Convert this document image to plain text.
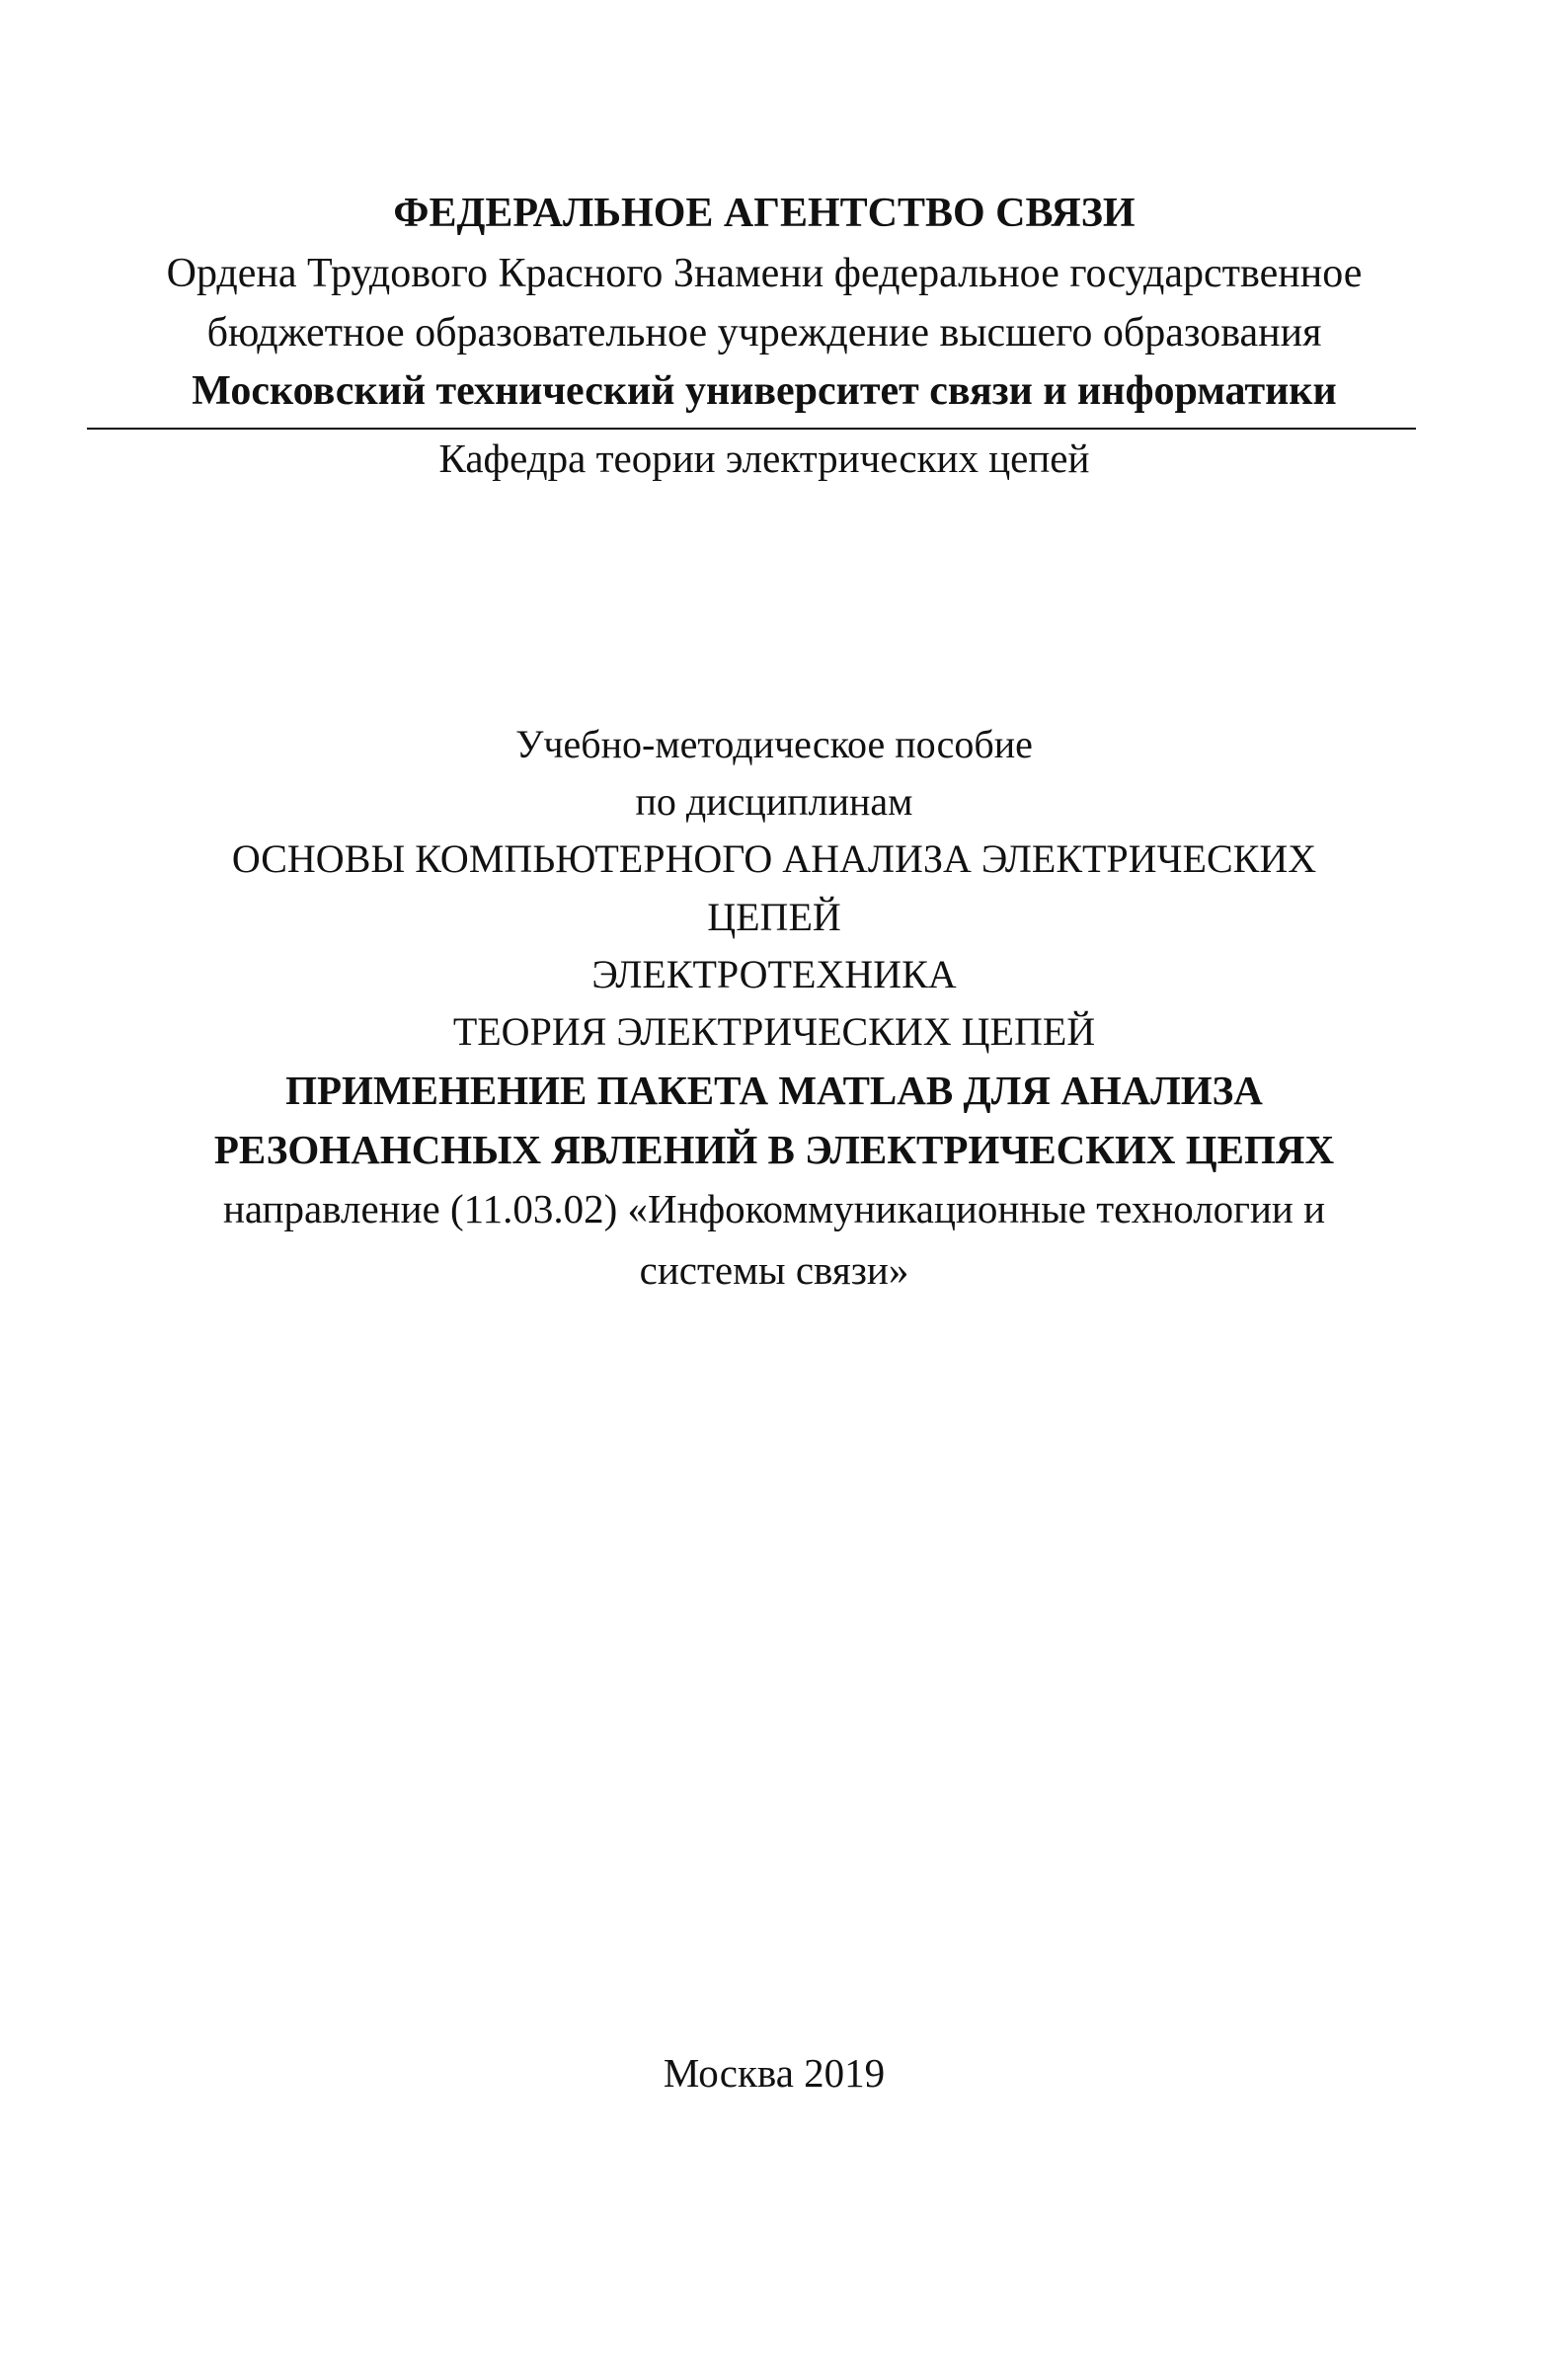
ФЕДЕРАЛЬНОЕ АГЕНТСТВО СВЯЗИ
Ордена Трудового Красного Знамени федеральное государственное
бюджетное образовательное учреждение высшего образования
Московский технический университет связи и информатики
Кафедра теории электрических цепей
Учебно-методическое пособие
по дисциплинам
ОСНОВЫ КОМПЬЮТЕРНОГО АНАЛИЗА ЭЛЕКТРИЧЕСКИХ
ЦЕПЕЙ
ЭЛЕКТРОТЕХНИКА
ТЕОРИЯ ЭЛЕКТРИЧЕСКИХ ЦЕПЕЙ
ПРИМЕНЕНИЕ ПАКЕТА MATLAB ДЛЯ АНАЛИЗА
РЕЗОНАНСНЫХ ЯВЛЕНИЙ В ЭЛЕКТРИЧЕСКИХ ЦЕПЯХ
направление (11.03.02) «Инфокоммуникационные технологии и
системы связи»
Москва 2019
